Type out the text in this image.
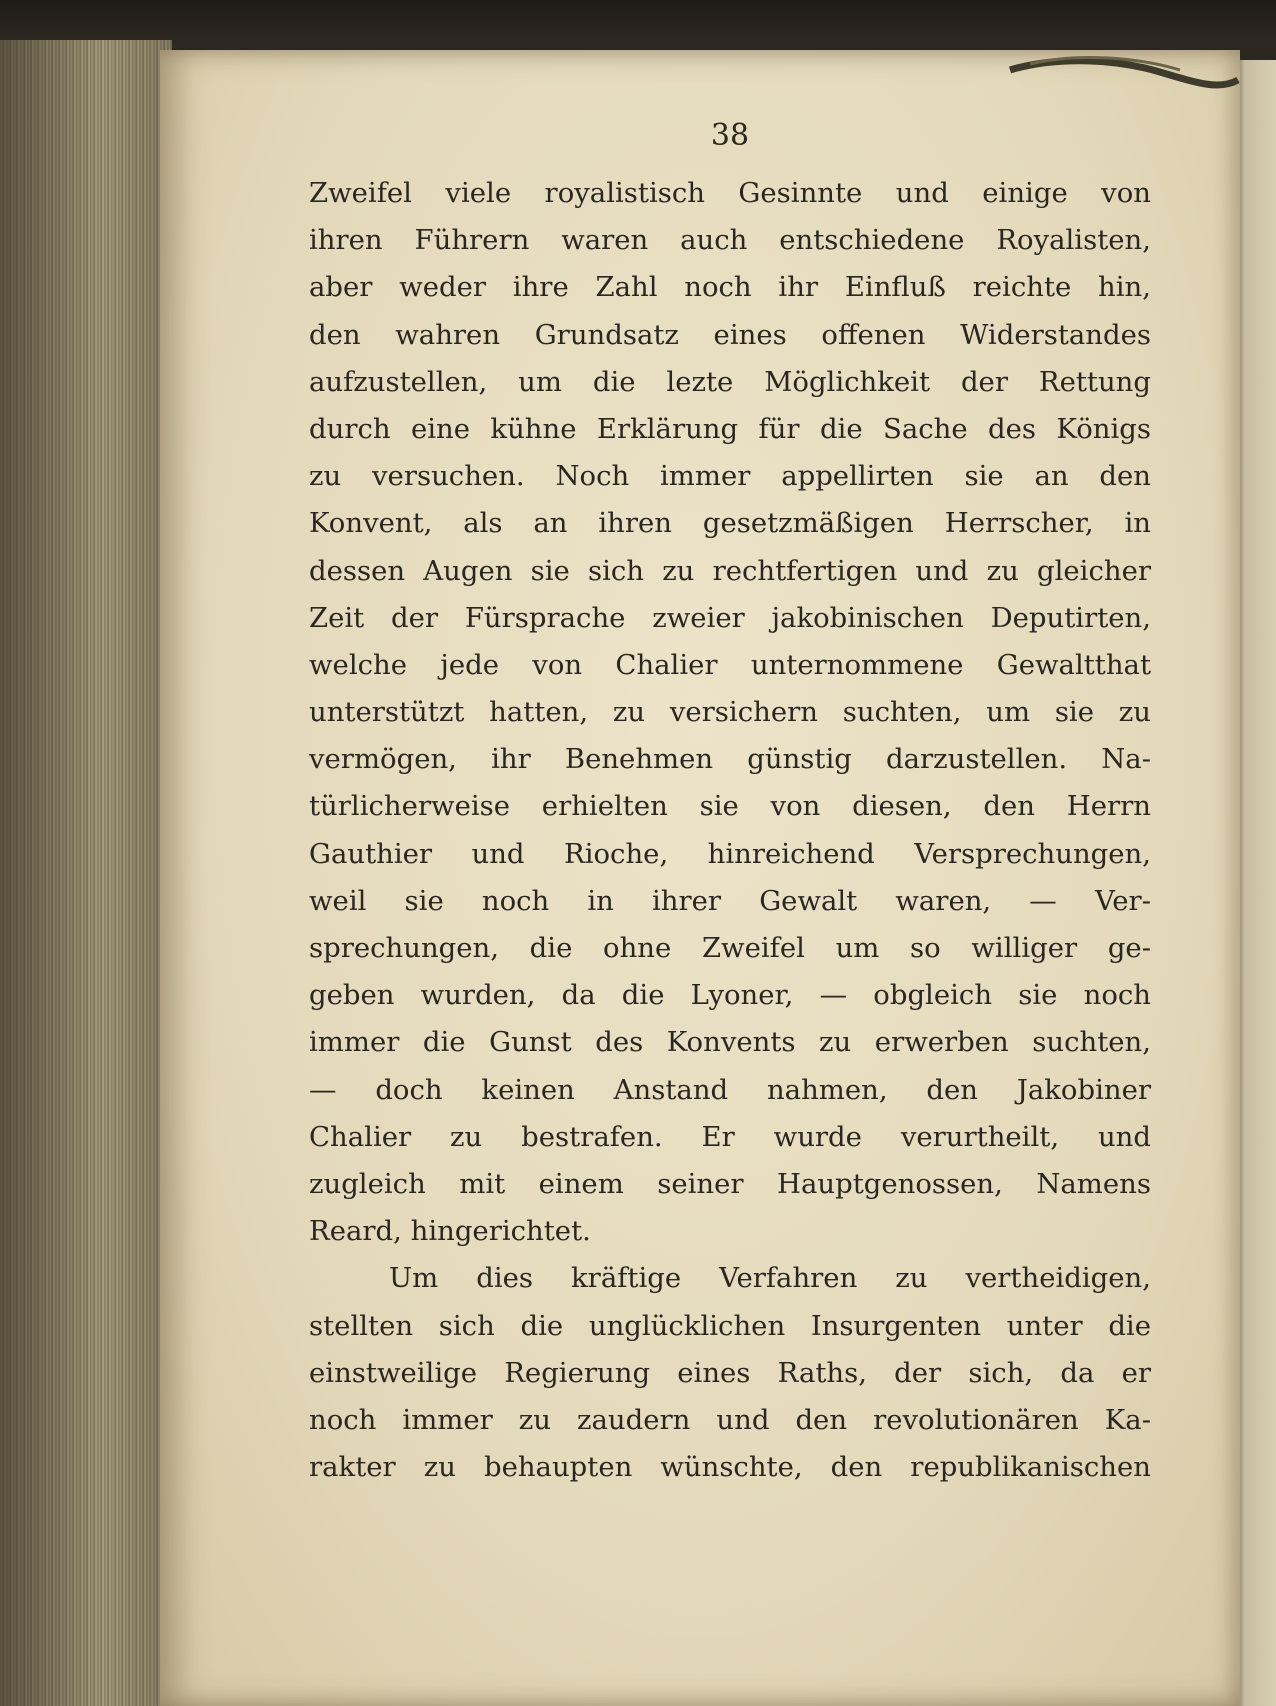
38
Zweifel viele royalistisch Gesinnte und einige von
ihren Führern waren auch entschiedene Royalisten,
aber weder ihre Zahl noch ihr Einfluß reichte hin,
den wahren Grundsatz eines offenen Widerstandes
aufzustellen, um die lezte Möglichkeit der Rettung
durch eine kühne Erklärung für die Sache des Königs
zu versuchen. Noch immer appellirten sie an den
Konvent, als an ihren gesetzmäßigen Herrscher, in
dessen Augen sie sich zu rechtfertigen und zu gleicher
Zeit der Fürsprache zweier jakobinischen Deputirten,
welche jede von Chalier unternommene Gewaltthat
unterstützt hatten, zu versichern suchten, um sie zu
vermögen, ihr Benehmen günstig darzustellen. Na-
türlicherweise erhielten sie von diesen, den Herrn
Gauthier und Rioche, hinreichend Versprechungen,
weil sie noch in ihrer Gewalt waren, — Ver-
sprechungen, die ohne Zweifel um so williger ge-
geben wurden, da die Lyoner, — obgleich sie noch
immer die Gunst des Konvents zu erwerben suchten,
— doch keinen Anstand nahmen, den Jakobiner
Chalier zu bestrafen. Er wurde verurtheilt, und
zugleich mit einem seiner Hauptgenossen, Namens
Reard, hingerichtet.
Um dies kräftige Verfahren zu vertheidigen,
stellten sich die unglücklichen Insurgenten unter die
einstweilige Regierung eines Raths, der sich, da er
noch immer zu zaudern und den revolutionären Ka-
rakter zu behaupten wünschte, den republikanischen
